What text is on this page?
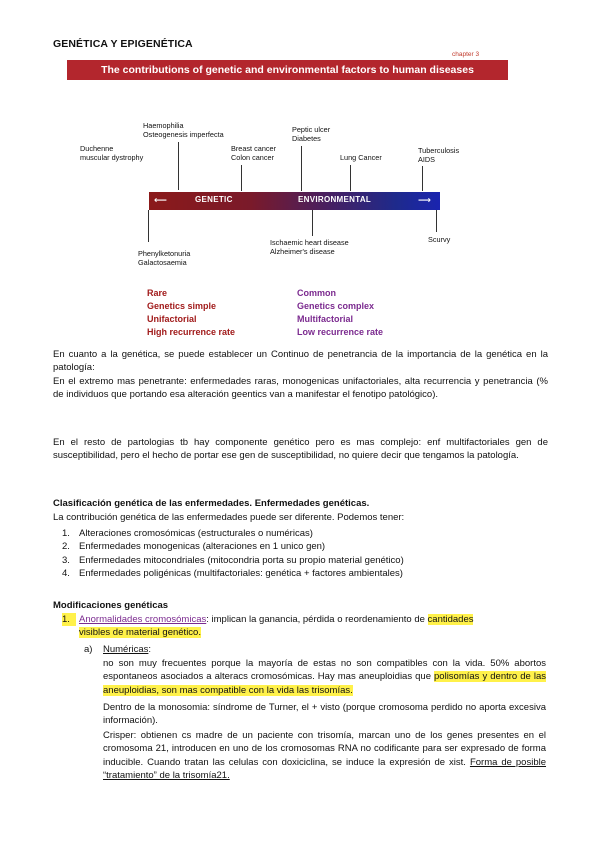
GENÉTICA Y EPIGENÉTICA
chapter 3
The contributions of genetic and environmental factors to human diseases
Haemophilia
Osteogenesis imperfecta
Duchenne
muscular dystrophy
Breast cancer
Colon cancer
Peptic ulcer
Diabetes
Lung Cancer
Tuberculosis
AIDS
⟵	GENETIC	ENVIRONMENTAL	⟶
Phenylketonuria
Galactosaemia
Ischaemic heart disease
Alzheimer's disease
Scurvy
Rare
Genetics simple
Unifactorial
High recurrence rate
Common
Genetics complex
Multifactorial
Low recurrence rate
En cuanto a la genética, se puede establecer un Continuo de penetrancia de la importancia de la genética en la patología:
En el extremo mas penetrante: enfermedades raras, monogenicas unifactoriales, alta recurrencia y penetrancia (% de individuos que portando esa alteración geentics van a manifestar el fenotipo patológico).
En el resto de partologias tb hay componente genético pero es mas complejo: enf multifactoriales gen de susceptibilidad, pero el hecho de portar ese gen de susceptibilidad, no quiere decir que tengamos la patología.
Clasificación genética de las enfermedades. Enfermedades genéticas.
La contribución genética de las enfermedades puede ser diferente. Podemos tener:
1. Alteraciones cromosómicas (estructurales o numéricas)
2. Enfermedades monogenicas (alteraciones en 1 unico gen)
3. Enfermedades mitocondriales (mitocondria porta su propio material genético)
4. Enfermedades poligénicas (multifactoriales: genética + factores ambientales)
Modificaciones genéticas
1. Anormalidades cromosómicas: implican la ganancia, pérdida o reordenamiento de cantidades
visibles de material genético.
a) Numéricas:
no son muy frecuentes porque la mayoría de estas no son compatibles con la vida. 50% abortos espontaneos asociados a alteracs cromosómicas. Hay mas aneuploidias que polisomías y dentro de las aneuploidias, son mas compatible con la vida las trisomías.
Dentro de la monosomia: síndrome de Turner, el + visto (porque cromosoma perdido no aporta excesiva información).
Crisper: obtienen cs madre de un paciente con trisomía, marcan uno de los genes presentes en el cromosoma 21, introducen en uno de los cromosomas RNA no codificante para ser expresado de forma inducible. Cuando tratan las celulas con doxiciclina, se induce la expresión de xist. Forma de posible “tratamiento” de la trisomía21.
